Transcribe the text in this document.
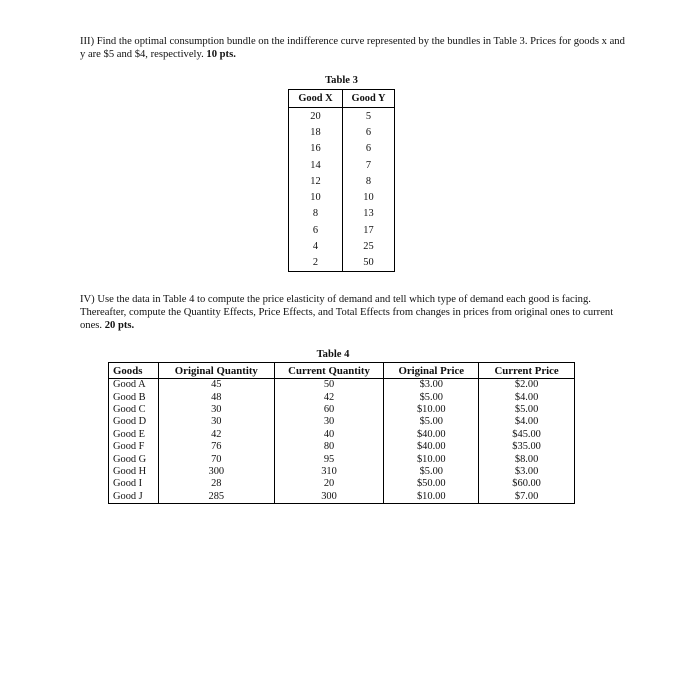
III) Find the optimal consumption bundle on the indifference curve represented by the bundles in Table 3. Prices for goods x and y are $5 and $4, respectively. 10 pts.

Table 3
Good X	Good Y
20	5
18	6
16	6
14	7
12	8
10	10
8	13
6	17
4	25
2	50

IV) Use the data in Table 4 to compute the price elasticity of demand and tell which type of demand each good is facing. Thereafter, compute the Quantity Effects, Price Effects, and Total Effects from changes in prices from original ones to current ones. 20 pts.

Table 4
Goods	Original Quantity	Current Quantity	Original Price	Current Price
Good A	45	50	$3.00	$2.00
Good B	48	42	$5.00	$4.00
Good C	30	60	$10.00	$5.00
Good D	30	30	$5.00	$4.00
Good E	42	40	$40.00	$45.00
Good F	76	80	$40.00	$35.00
Good G	70	95	$10.00	$8.00
Good H	300	310	$5.00	$3.00
Good I	28	20	$50.00	$60.00
Good J	285	300	$10.00	$7.00
